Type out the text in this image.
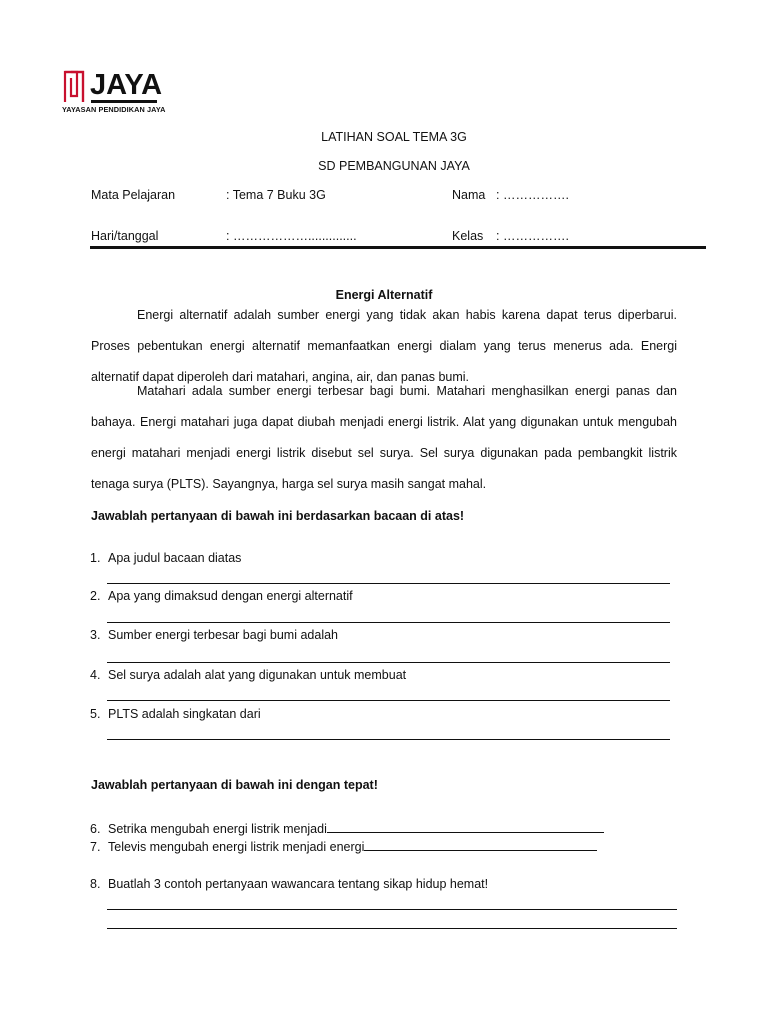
JAYA
YAYASAN PENDIDIKAN JAYA
LATIHAN SOAL TEMA 3G
SD PEMBANGUNAN JAYA
Mata Pelajaran	: Tema 7 Buku 3G
Hari/tanggal	: ………………..............
Nama : …………….
Kelas : …………….
Energi Alternatif
Energi alternatif adalah sumber energi yang tidak akan habis karena dapat terus diperbarui. Proses pebentukan energi alternatif memanfaatkan energi dialam yang terus menerus ada. Energi alternatif dapat diperoleh dari matahari, angina, air, dan panas bumi.
Matahari adala sumber energi terbesar bagi bumi. Matahari menghasilkan energi panas dan bahaya. Energi matahari juga dapat diubah menjadi energi listrik. Alat yang digunakan untuk mengubah energi matahari menjadi energi listrik disebut sel surya. Sel surya digunakan pada pembangkit listrik tenaga surya (PLTS). Sayangnya, harga sel surya masih sangat mahal.
Jawablah pertanyaan di bawah ini berdasarkan bacaan di atas!
1. Apa judul bacaan diatas
2. Apa yang dimaksud dengan energi alternatif
3. Sumber energi terbesar bagi bumi adalah
4. Sel surya adalah alat yang digunakan untuk membuat
5. PLTS adalah singkatan dari
Jawablah pertanyaan di bawah ini dengan tepat!
6. Setrika mengubah energi listrik menjadi
7. Televis mengubah energi listrik menjadi energi
8. Buatlah 3 contoh pertanyaan wawancara tentang sikap hidup hemat!
